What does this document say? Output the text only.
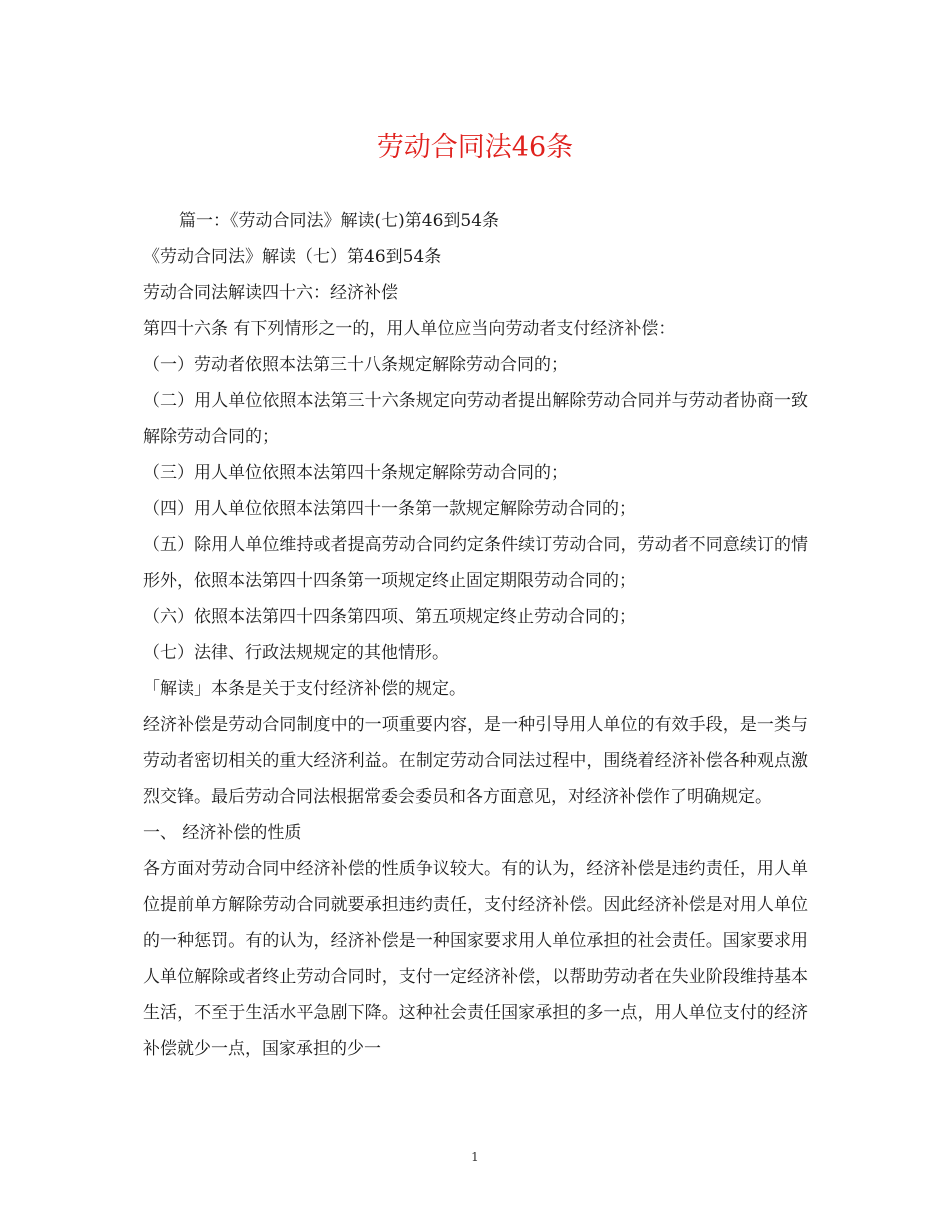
劳动合同法46条

篇一：《劳动合同法》解读(七)第46到54条

《劳动合同法》解读（七）第46到54条

劳动合同法解读四十六：经济补偿

第四十六条 有下列情形之一的，用人单位应当向劳动者支付经济补偿：

（一）劳动者依照本法第三十八条规定解除劳动合同的；

（二）用人单位依照本法第三十六条规定向劳动者提出解除劳动合同并与劳动者协商一致解除劳动合同的；

（三）用人单位依照本法第四十条规定解除劳动合同的；

（四）用人单位依照本法第四十一条第一款规定解除劳动合同的；

（五）除用人单位维持或者提高劳动合同约定条件续订劳动合同，劳动者不同意续订的情形外，依照本法第四十四条第一项规定终止固定期限劳动合同的；

（六）依照本法第四十四条第四项、第五项规定终止劳动合同的；

（七）法律、行政法规规定的其他情形。

「解读」本条是关于支付经济补偿的规定。

经济补偿是劳动合同制度中的一项重要内容，是一种引导用人单位的有效手段，是一类与劳动者密切相关的重大经济利益。在制定劳动合同法过程中，围绕着经济补偿各种观点激烈交锋。最后劳动合同法根据常委会委员和各方面意见，对经济补偿作了明确规定。

一、 经济补偿的性质

各方面对劳动合同中经济补偿的性质争议较大。有的认为，经济补偿是违约责任，用人单位提前单方解除劳动合同就要承担违约责任，支付经济补偿。因此经济补偿是对用人单位的一种惩罚。有的认为，经济补偿是一种国家要求用人单位承担的社会责任。国家要求用人单位解除或者终止劳动合同时，支付一定经济补偿，以帮助劳动者在失业阶段维持基本生活，不至于生活水平急剧下降。这种社会责任国家承担的多一点，用人单位支付的经济补偿就少一点，国家承担的少一

1
